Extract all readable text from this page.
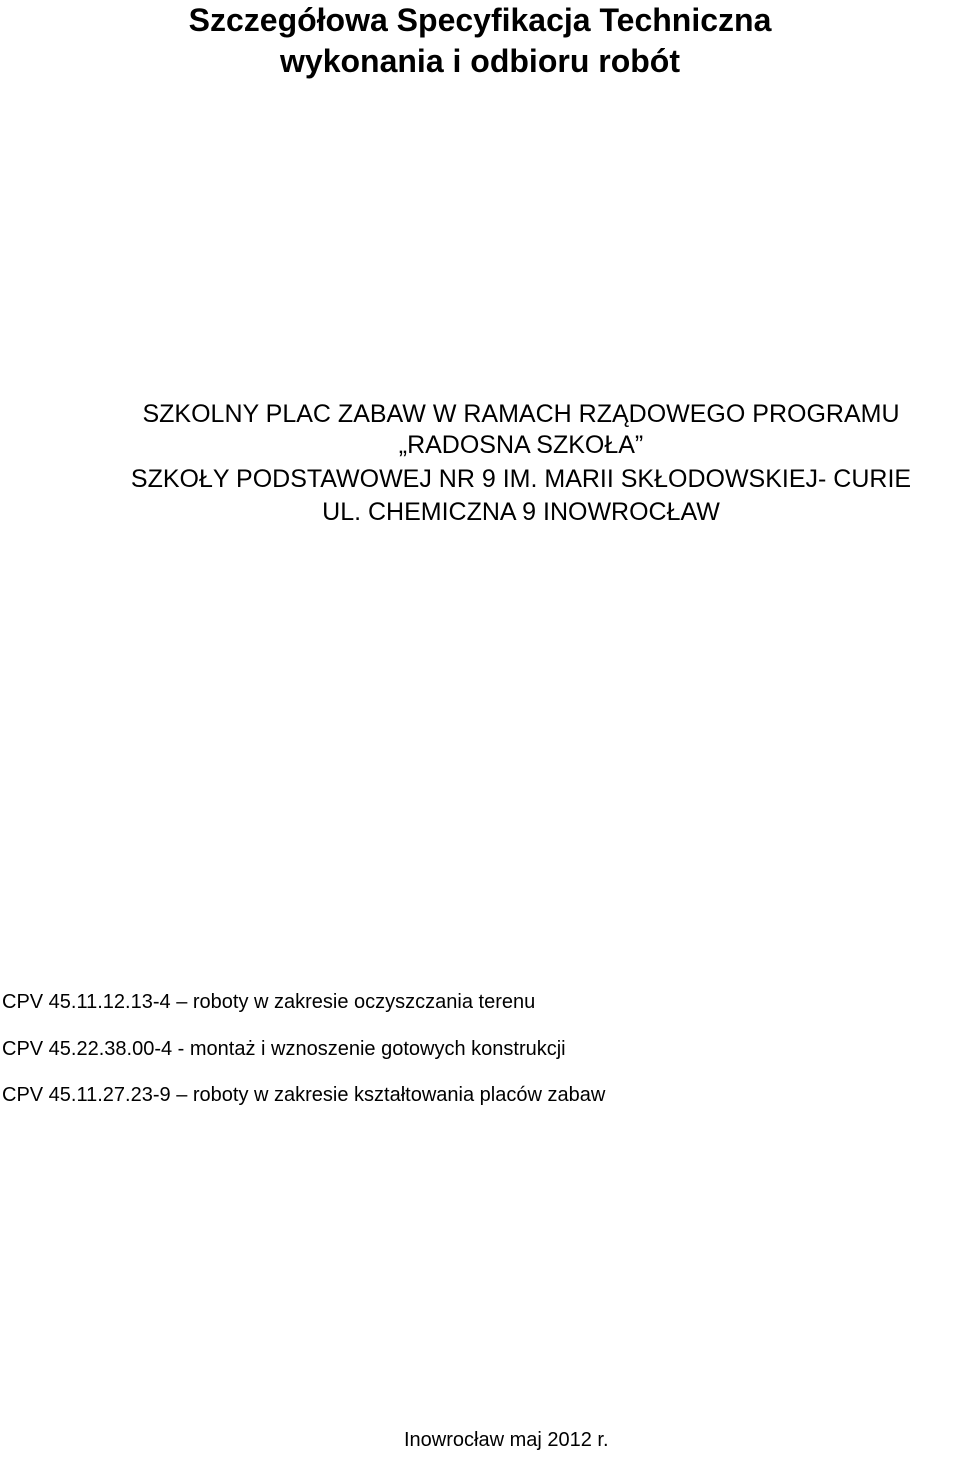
Szczegółowa Specyfikacja Techniczna
wykonania i odbioru robót
SZKOLNY PLAC ZABAW W RAMACH RZĄDOWEGO PROGRAMU
„RADOSNA SZKOŁA”
SZKOŁY PODSTAWOWEJ NR 9 IM. MARII SKŁODOWSKIEJ- CURIE
UL. CHEMICZNA 9 INOWROCŁAW
CPV 45.11.12.13-4 – roboty w zakresie oczyszczania terenu
CPV 45.22.38.00-4 - montaż i wznoszenie gotowych konstrukcji
CPV 45.11.27.23-9 – roboty w zakresie kształtowania placów zabaw
Inowrocław maj 2012 r.
